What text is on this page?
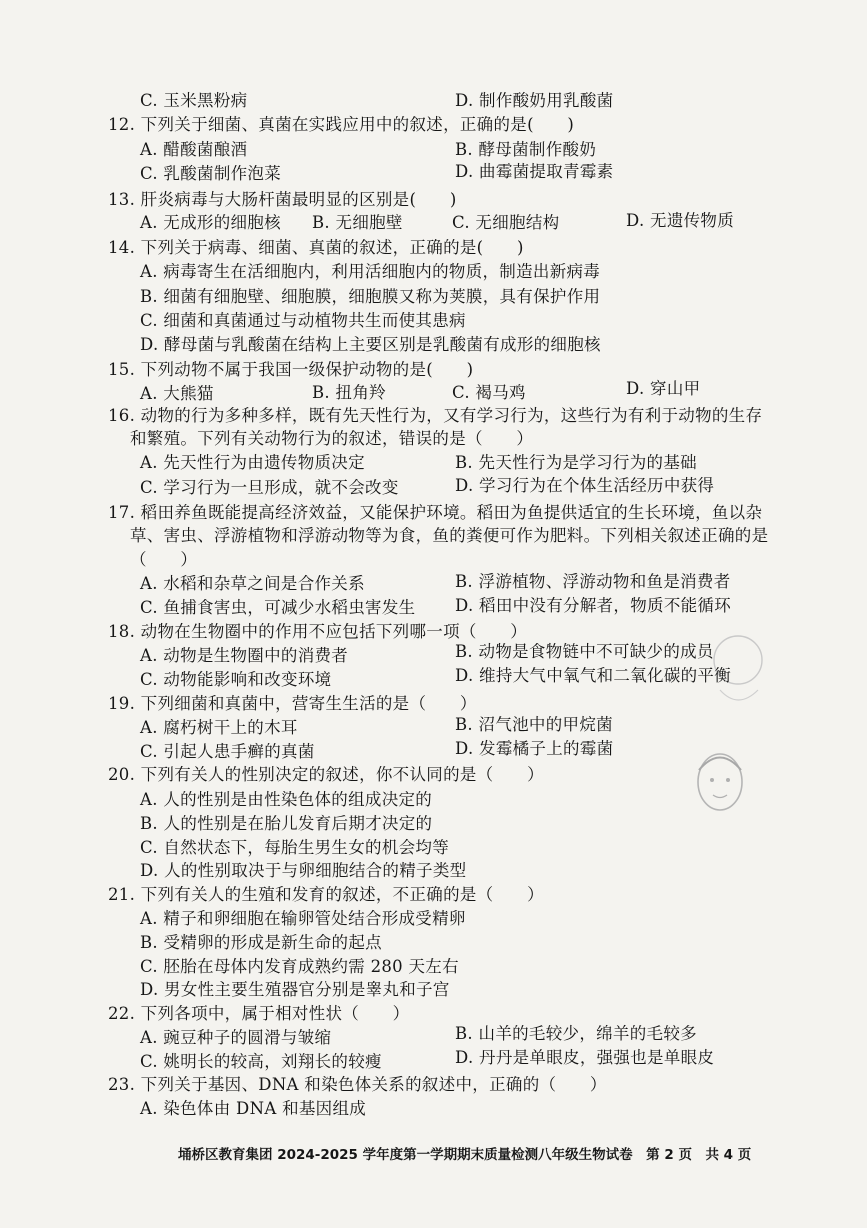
C. 玉米黑粉病	D. 制作酸奶用乳酸菌
12. 下列关于细菌、真菌在实践应用中的叙述，正确的是(　　)
A. 醋酸菌酿酒	B. 酵母菌制作酸奶
C. 乳酸菌制作泡菜	D. 曲霉菌提取青霉素
13. 肝炎病毒与大肠杆菌最明显的区别是(　　)
A. 无成形的细胞核 B. 无细胞壁	C. 无细胞结构	D. 无遗传物质
14. 下列关于病毒、细菌、真菌的叙述，正确的是(　　)
A. 病毒寄生在活细胞内，利用活细胞内的物质，制造出新病毒
B. 细菌有细胞壁、细胞膜，细胞膜又称为荚膜，具有保护作用
C. 细菌和真菌通过与动植物共生而使其患病
D. 酵母菌与乳酸菌在结构上主要区别是乳酸菌有成形的细胞核
15. 下列动物不属于我国一级保护动物的是(　　)
A. 大熊猫	B. 扭角羚	C. 褐马鸡	D. 穿山甲
16. 动物的行为多种多样，既有先天性行为，又有学习行为，这些行为有利于动物的生存
和繁殖。下列有关动物行为的叙述，错误的是（　　）
A. 先天性行为由遗传物质决定	B. 先天性行为是学习行为的基础
C. 学习行为一旦形成，就不会改变	D. 学习行为在个体生活经历中获得
17. 稻田养鱼既能提高经济效益，又能保护环境。稻田为鱼提供适宜的生长环境，鱼以杂
草、害虫、浮游植物和浮游动物等为食，鱼的粪便可作为肥料。下列相关叙述正确的是
（　　）
A. 水稻和杂草之间是合作关系	B. 浮游植物、浮游动物和鱼是消费者
C. 鱼捕食害虫，可减少水稻虫害发生 D. 稻田中没有分解者，物质不能循环
18. 动物在生物圈中的作用不应包括下列哪一项（　　）
A. 动物是生物圈中的消费者	B. 动物是食物链中不可缺少的成员
C. 动物能影响和改变环境	D. 维持大气中氧气和二氧化碳的平衡
19. 下列细菌和真菌中，营寄生生活的是（　　）
A. 腐朽树干上的木耳	B. 沼气池中的甲烷菌
C. 引起人患手癣的真菌	D. 发霉橘子上的霉菌
20. 下列有关人的性别决定的叙述，你不认同的是（　　）
A. 人的性别是由性染色体的组成决定的
B. 人的性别是在胎儿发育后期才决定的
C. 自然状态下，每胎生男生女的机会均等
D. 人的性别取决于与卵细胞结合的精子类型
21. 下列有关人的生殖和发育的叙述，不正确的是（　　）
A. 精子和卵细胞在输卵管处结合形成受精卵
B. 受精卵的形成是新生命的起点
C. 胚胎在母体内发育成熟约需 280 天左右
D. 男女性主要生殖器官分别是睾丸和子宫
22. 下列各项中，属于相对性状（　　）
A. 豌豆种子的圆滑与皱缩	B. 山羊的毛较少，绵羊的毛较多
C. 姚明长的较高，刘翔长的较瘦	D. 丹丹是单眼皮，强强也是单眼皮
23. 下列关于基因、DNA 和染色体关系的叙述中，正确的（　　）
A. 染色体由 DNA 和基因组成
埇桥区教育集团 2024-2025 学年度第一学期期末质量检测八年级生物试卷　第 2 页　共 4 页
